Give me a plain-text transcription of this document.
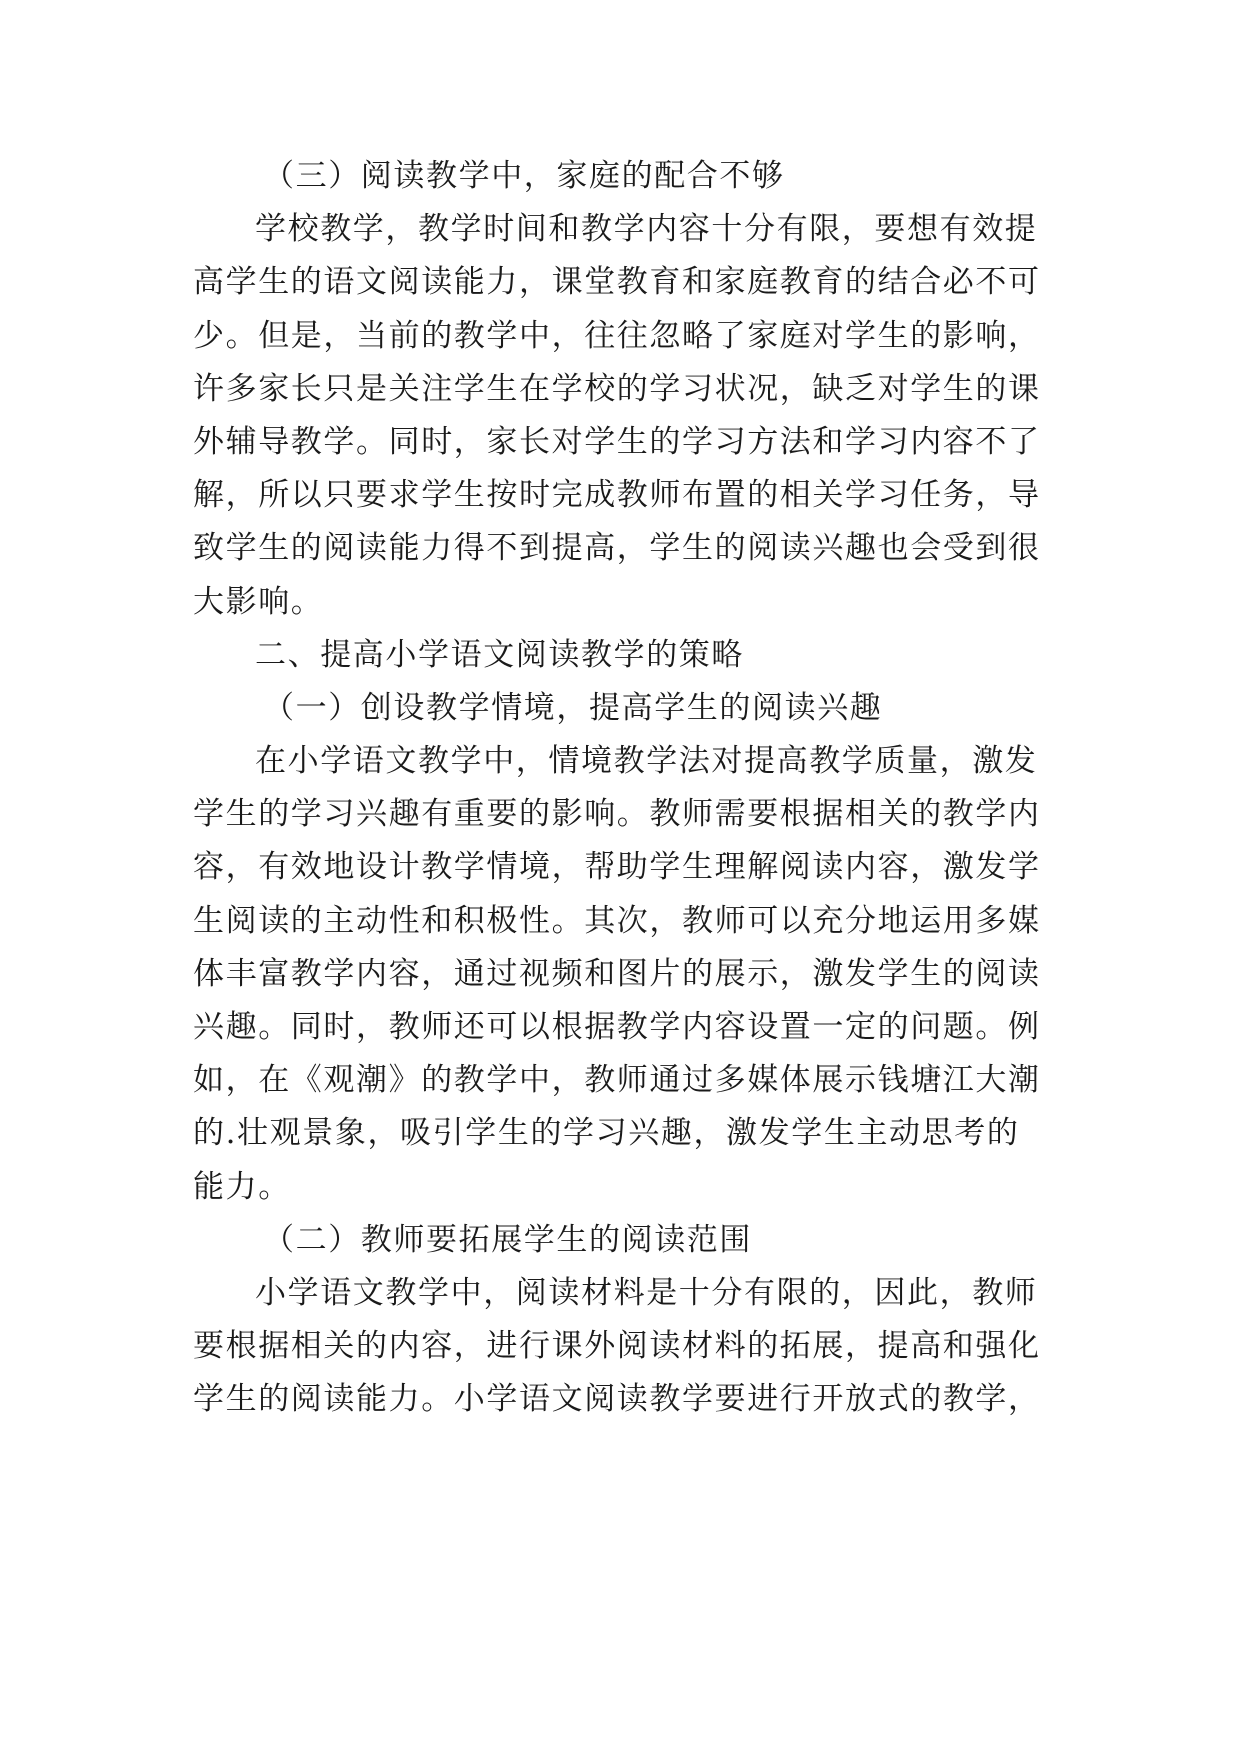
（三）阅读教学中，家庭的配合不够
学校教学，教学时间和教学内容十分有限，要想有效提
高学生的语文阅读能力，课堂教育和家庭教育的结合必不可
少。但是，当前的教学中，往往忽略了家庭对学生的影响，
许多家长只是关注学生在学校的学习状况，缺乏对学生的课
外辅导教学。同时，家长对学生的学习方法和学习内容不了
解，所以只要求学生按时完成教师布置的相关学习任务，导
致学生的阅读能力得不到提高，学生的阅读兴趣也会受到很
大影响。
二、提高小学语文阅读教学的策略
（一）创设教学情境，提高学生的阅读兴趣
在小学语文教学中，情境教学法对提高教学质量，激发
学生的学习兴趣有重要的影响。教师需要根据相关的教学内
容，有效地设计教学情境，帮助学生理解阅读内容，激发学
生阅读的主动性和积极性。其次，教师可以充分地运用多媒
体丰富教学内容，通过视频和图片的展示，激发学生的阅读
兴趣。同时，教师还可以根据教学内容设置一定的问题。例
如，在《观潮》的教学中，教师通过多媒体展示钱塘江大潮
的.壮观景象，吸引学生的学习兴趣，激发学生主动思考的
能力。
（二）教师要拓展学生的阅读范围
小学语文教学中，阅读材料是十分有限的，因此，教师
要根据相关的内容，进行课外阅读材料的拓展，提高和强化
学生的阅读能力。小学语文阅读教学要进行开放式的教学，
